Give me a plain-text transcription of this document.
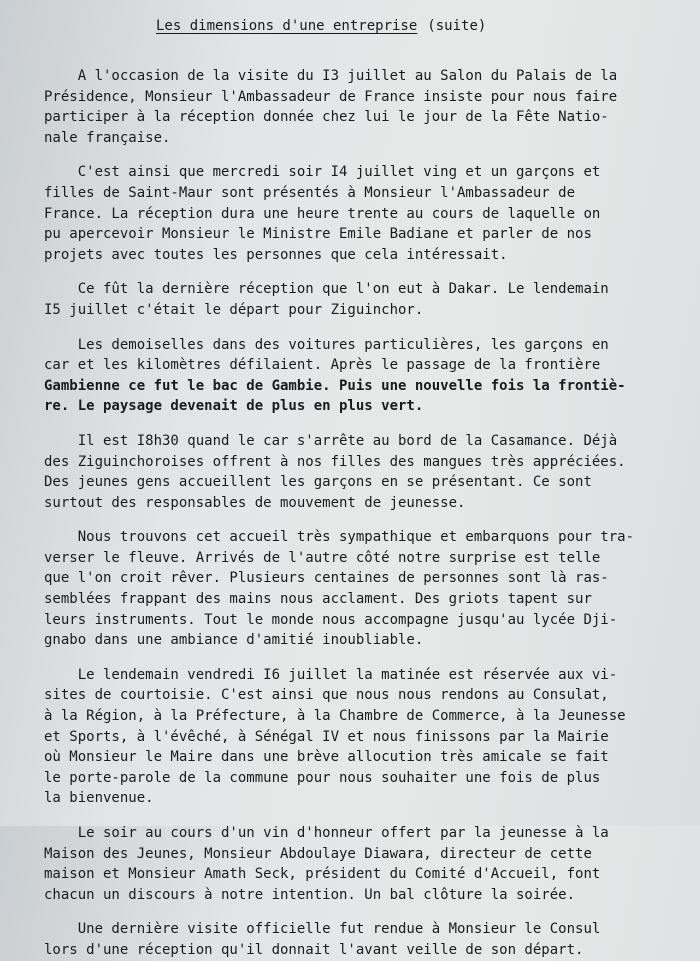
Les dimensions d'une entreprise (suite)
A l'occasion de la visite du I3 juillet au Salon du Palais de la
Présidence, Monsieur l'Ambassadeur de France insiste pour nous faire
participer à la réception donnée chez lui le jour de la Fête Natio-
nale française.
C'est ainsi que mercredi soir I4 juillet ving et un garçons et
filles de Saint-Maur sont présentés à Monsieur l'Ambassadeur de
France. La réception dura une heure trente au cours de laquelle on
pu apercevoir Monsieur le Ministre Emile Badiane et parler de nos
projets avec toutes les personnes que cela intéressait.
Ce fût la dernière réception que l'on eut à Dakar. Le lendemain
I5 juillet c'était le départ pour Ziguinchor.
Les demoiselles dans des voitures particulières, les garçons en
car et les kilomètres défilaient. Après le passage de la frontière
Gambienne ce fut le bac de Gambie. Puis une nouvelle fois la frontiè-
re. Le paysage devenait de plus en plus vert.
Il est I8h30 quand le car s'arrête au bord de la Casamance. Déjà
des Ziguinchoroises offrent à nos filles des mangues très appréciées.
Des jeunes gens accueillent les garçons en se présentant. Ce sont
surtout des responsables de mouvement de jeunesse.
Nous trouvons cet accueil très sympathique et embarquons pour tra-
verser le fleuve. Arrivés de l'autre côté notre surprise est telle
que l'on croit rêver. Plusieurs centaines de personnes sont là ras-
semblées frappant des mains nous acclament. Des griots tapent sur
leurs instruments. Tout le monde nous accompagne jusqu'au lycée Dji-
gnabo dans une ambiance d'amitié inoubliable.
Le lendemain vendredi I6 juillet la matinée est réservée aux vi-
sites de courtoisie. C'est ainsi que nous nous rendons au Consulat,
à la Région, à la Préfecture, à la Chambre de Commerce, à la Jeunesse
et Sports, à l'évêché, à Sénégal IV et nous finissons par la Mairie
où Monsieur le Maire dans une brève allocution très amicale se fait
le porte-parole de la commune pour nous souhaiter une fois de plus
la bienvenue.
Le soir au cours d'un vin d'honneur offert par la jeunesse à la
Maison des Jeunes, Monsieur Abdoulaye Diawara, directeur de cette
maison et Monsieur Amath Seck, président du Comité d'Accueil, font
chacun un discours à notre intention. Un bal clôture la soirée.
Une dernière visite officielle fut rendue à Monsieur le Consul
lors d'une réception qu'il donnait l'avant veille de son départ.
